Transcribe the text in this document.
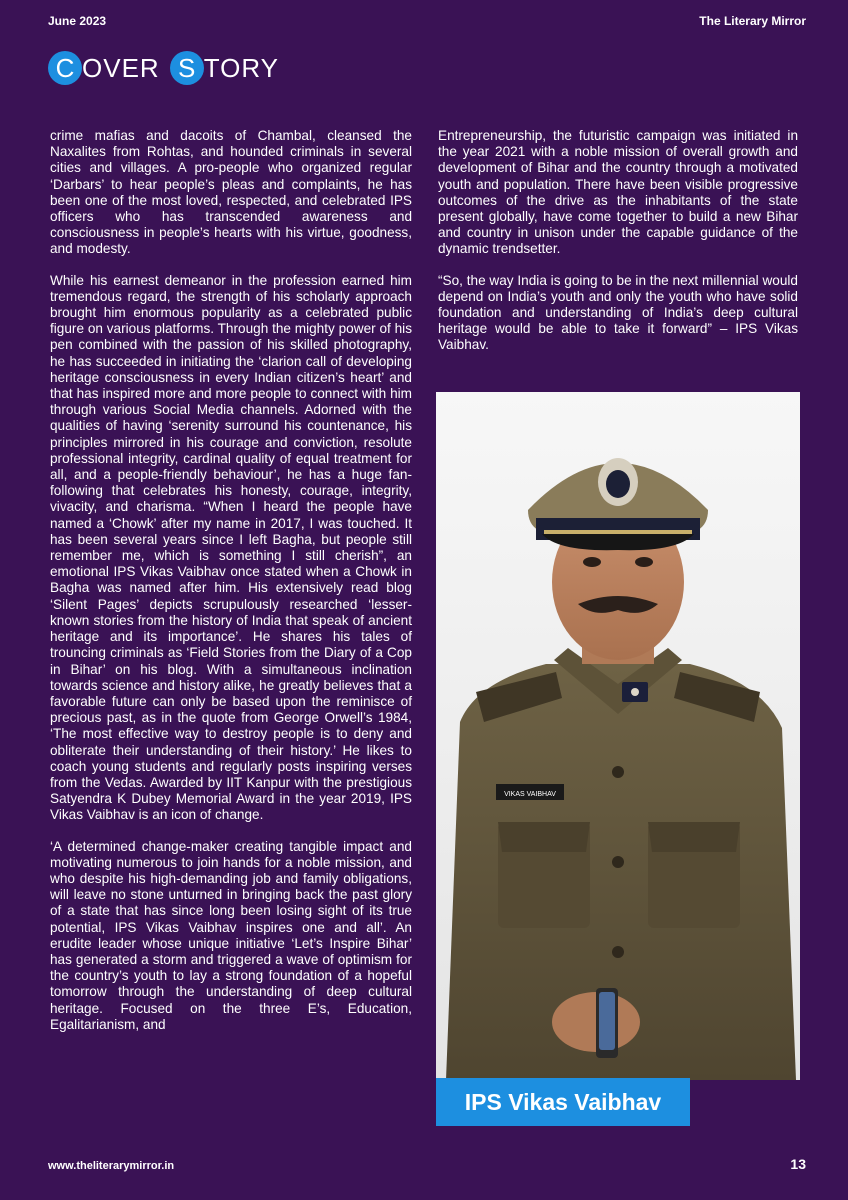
June 2023	The Literary Mirror
C OVER S TORY

crime mafias and dacoits of Chambal, cleansed the Naxalites from Rohtas, and hounded criminals in several cities and villages. A pro-people who organized regular ‘Darbars’ to hear people’s pleas and complaints, he has been one of the most loved, respected, and celebrated IPS officers who has transcended awareness and consciousness in people’s hearts with his virtue, goodness, and modesty.

While his earnest demeanor in the profession earned him tremendous regard, the strength of his scholarly approach brought him enormous popularity as a celebrated public figure on various platforms. Through the mighty power of his pen combined with the passion of his skilled photography, he has succeeded in initiating the ‘clarion call of developing heritage consciousness in every Indian citizen’s heart’ and that has inspired more and more people to connect with him through various Social Media channels. Adorned with the qualities of having ‘serenity surround his countenance, his principles mirrored in his courage and conviction, resolute professional integrity, cardinal quality of equal treatment for all, and a people-friendly behaviour’, he has a huge fan-following that celebrates his honesty, courage, integrity, vivacity, and charisma. “When I heard the people have named a ‘Chowk’ after my name in 2017, I was touched. It has been several years since I left Bagha, but people still remember me, which is something I still cherish”, an emotional IPS Vikas Vaibhav once stated when a Chowk in Bagha was named after him. His extensively read blog ‘Silent Pages’ depicts scrupulously researched ‘lesser-known stories from the history of India that speak of ancient heritage and its importance’. He shares his tales of trouncing criminals as ‘Field Stories from the Diary of a Cop in Bihar’ on his blog. With a simultaneous inclination towards science and history alike, he greatly believes that a favorable future can only be based upon the reminisce of precious past, as in the quote from George Orwell’s 1984, ‘The most effective way to destroy people is to deny and obliterate their understanding of their history.’ He likes to coach young students and regularly posts inspiring verses from the Vedas. Awarded by IIT Kanpur with the prestigious Satyendra K Dubey Memorial Award in the year 2019, IPS Vikas Vaibhav is an icon of change.

‘A determined change-maker creating tangible impact and motivating numerous to join hands for a noble mission, and who despite his high-demanding job and family obligations, will leave no stone unturned in bringing back the past glory of a state that has since long been losing sight of its true potential, IPS Vikas Vaibhav inspires one and all’. An erudite leader whose unique initiative ‘Let’s Inspire Bihar’ has generated a storm and triggered a wave of optimism for the country’s youth to lay a strong foundation of a hopeful tomorrow through the understanding of deep cultural heritage. Focused on the three E’s, Education, Egalitarianism, and

Entrepreneurship, the futuristic campaign was initiated in the year 2021 with a noble mission of overall growth and development of Bihar and the country through a motivated youth and population. There have been visible progressive outcomes of the drive as the inhabitants of the state present globally, have come together to build a new Bihar and country in unison under the capable guidance of the dynamic trendsetter.

“So, the way India is going to be in the next millennial would depend on India’s youth and only the youth who have solid foundation and understanding of India’s deep cultural heritage would be able to take it forward” – IPS Vikas Vaibhav.

VIKAS VAIBHAV
IPS Vikas Vaibhav
www.theliterarymirror.in	13
